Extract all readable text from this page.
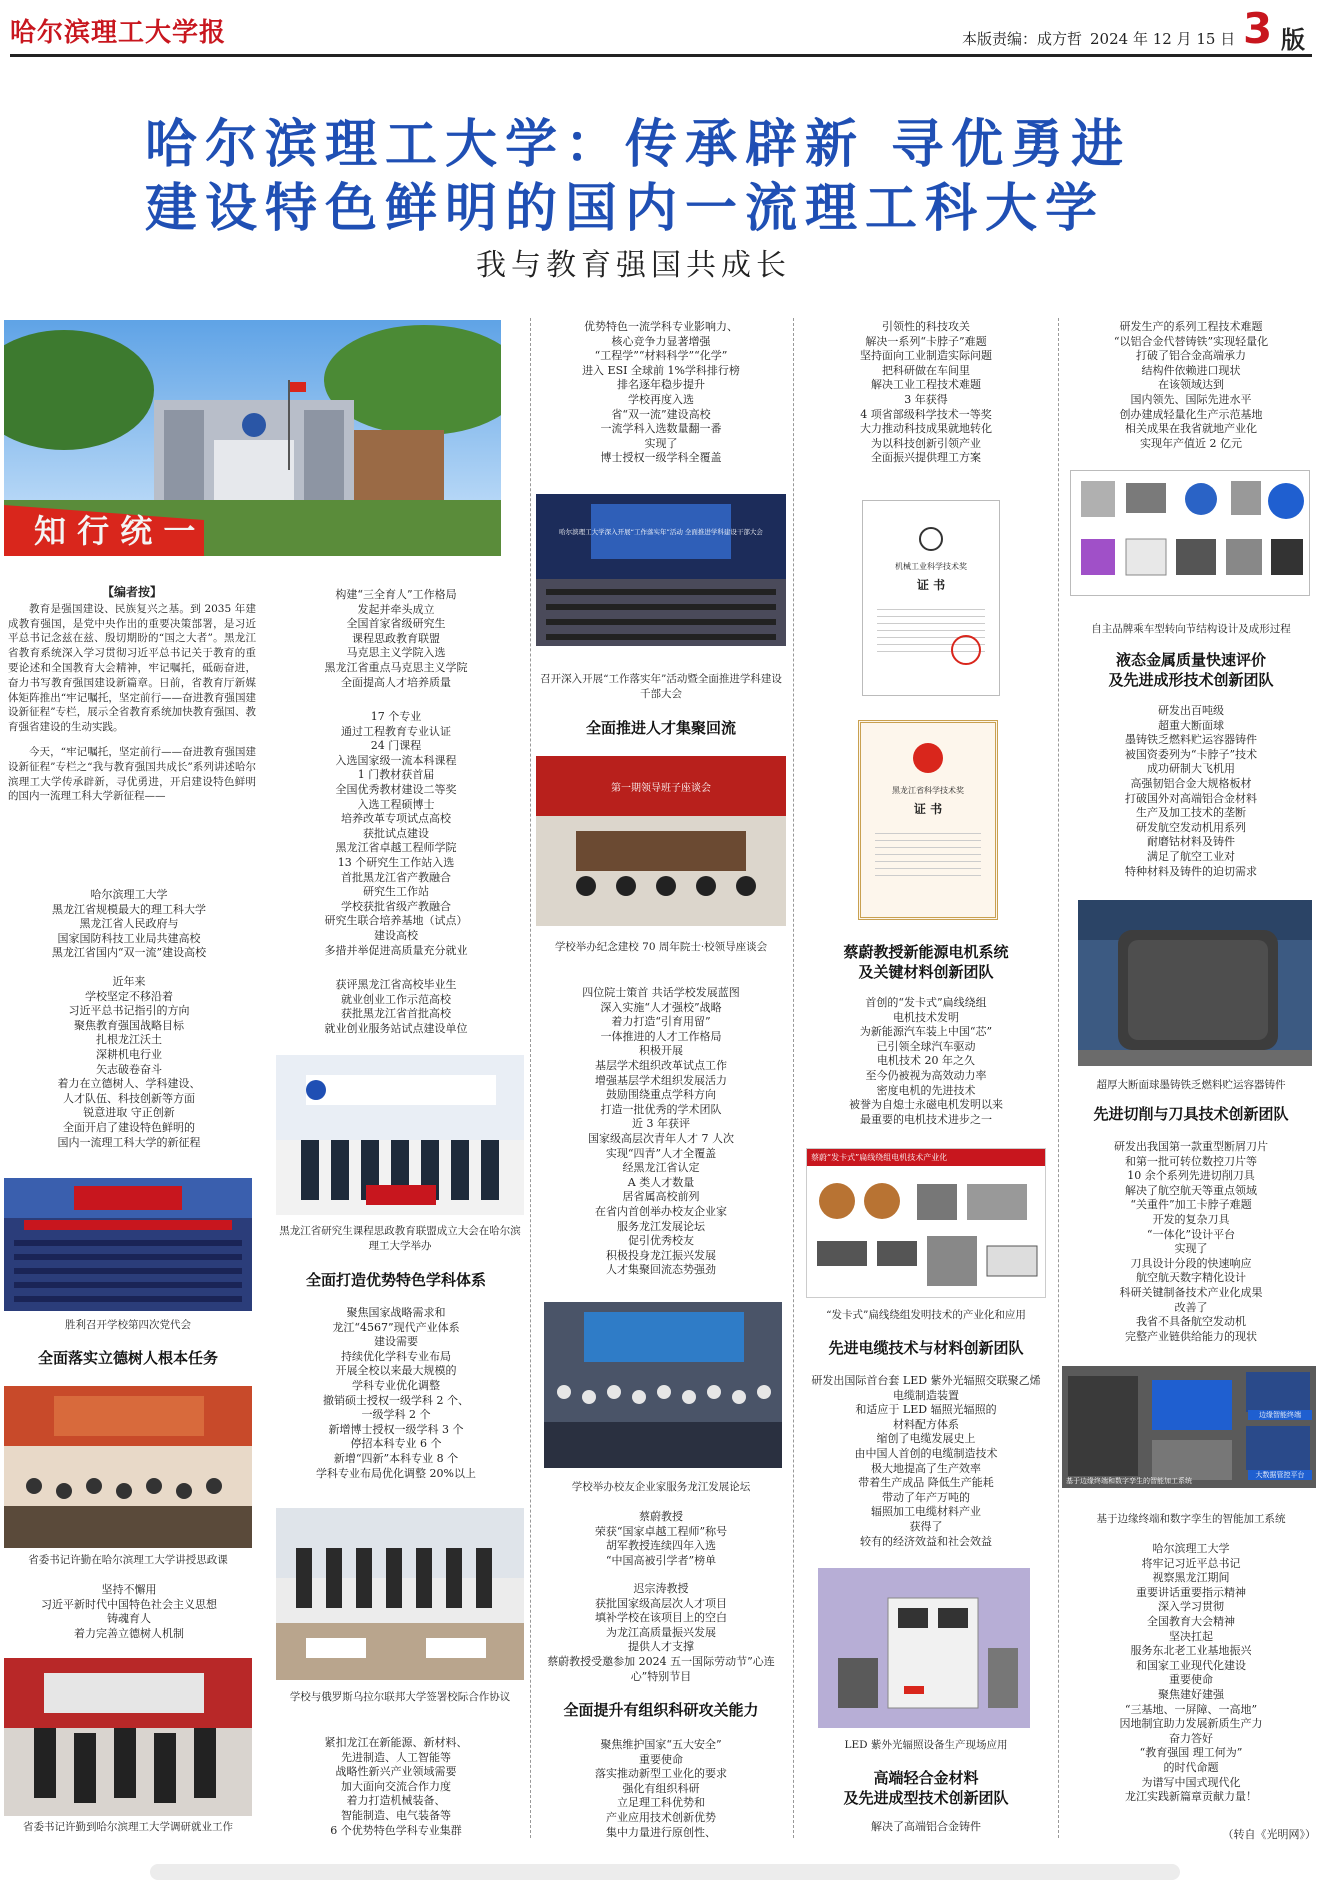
哈尔滨理工大学报	本版责编：成方哲 2024 年 12 月 15 日 3 版
哈尔滨理工大学：传承辟新 寻优勇进
建设特色鲜明的国内一流理工科大学
我与教育强国共成长
知 行 统 一
【编者按】
教育是强国建设、民族复兴之基。到 2035 年建成教育强国，是党中央作出的重要决策部署，是习近平总书记念兹在兹、殷切期盼的“国之大者”。黑龙江省教育系统深入学习贯彻习近平总书记关于教育的重要论述和全国教育大会精神，牢记嘱托，砥砺奋进，奋力书写教育强国建设新篇章。日前，省教育厅新媒体矩阵推出“牢记嘱托，坚定前行——奋进教育强国建设新征程”专栏，展示全省教育系统加快教育强国、教育强省建设的生动实践。
今天，“牢记嘱托，坚定前行——奋进教育强国建设新征程”专栏之“我与教育强国共成长”系列讲述哈尔滨理工大学传承辟新，寻优勇进，开启建设特色鲜明的国内一流理工科大学新征程——
哈尔滨理工大学
黑龙江省规模最大的理工科大学
黑龙江省人民政府与
国家国防科技工业局共建高校
黑龙江省国内“双一流”建设高校
近年来
学校坚定不移沿着
习近平总书记指引的方向
聚焦教育强国战略目标
扎根龙江沃土
深耕机电行业
矢志破卷奋斗
着力在立德树人、学科建设、
人才队伍、科技创新等方面
锐意进取 守正创新
全面开启了建设特色鲜明的
国内一流理工科大学的新征程
胜利召开学校第四次党代会
全面落实立德树人根本任务
省委书记许勤在哈尔滨理工大学讲授思政课
坚持不懈用
习近平新时代中国特色社会主义思想
铸魂育人
着力完善立德树人机制
省委书记许勤到哈尔滨理工大学调研就业工作
构建“三全育人”工作格局
发起并牵头成立
全国首家省级研究生
课程思政教育联盟
马克思主义学院入选
黑龙江省重点马克思主义学院
全面提高人才培养质量
17 个专业
通过工程教育专业认证
24 门课程
入选国家级一流本科课程
1 门教材获首届
全国优秀教材建设二等奖
入选工程硕博士
培养改革专项试点高校
获批试点建设
黑龙江省卓越工程师学院
13 个研究生工作站入选
首批黑龙江省产教融合
研究生工作站
学校获批省级产教融合
研究生联合培养基地（试点）
建设高校
多措并举促进高质量充分就业
获评黑龙江省高校毕业生
就业创业工作示范高校
获批黑龙江省首批高校
就业创业服务站试点建设单位
黑龙江省研究生课程思政教育联盟成立大会在哈尔滨理工大学举办
全面打造优势特色学科体系
聚焦国家战略需求和
龙江“4567”现代产业体系
建设需要
持续优化学科专业布局
开展全校以来最大规模的
学科专业优化调整
撤销硕士授权一级学科 2 个、
一级学科 2 个
新增博士授权一级学科 3 个
停招本科专业 6 个
新增“四新”本科专业 8 个
学科专业布局优化调整 20%以上
学校与俄罗斯乌拉尔联邦大学签署校际合作协议
紧扣龙江在新能源、新材料、
先进制造、人工智能等
战略性新兴产业领域需要
加大面向交流合作力度
着力打造机械装备、
智能制造、电气装备等
6 个优势特色学科专业集群
优势特色一流学科专业影响力、
核心竞争力显著增强
“工程学”“材料科学”“化学”
进入 ESI 全球前 1%学科排行榜
排名逐年稳步提升
学校再度入选
省“双一流”建设高校
一流学科入选数量翻一番
实现了
博士授权一级学科全覆盖
哈尔滨理工大学深入开展“工作落实年”活动 全面推进学科建设干部大会
召开深入开展“工作落实年”活动暨全面推进学科建设千部大会
全面推进人才集聚回流
第一期领导班子座谈会
学校举办纪念建校 70 周年院士·校领导座谈会
四位院士策首 共话学校发展蓝图
深入实施“人才强校”战略
着力打造“引育用留”
一体推进的人才工作格局
积极开展
基层学术组织改革试点工作
增强基层学术组织发展活力
鼓励围绕重点学科方向
打造一批优秀的学术团队
近 3 年获评
国家级高层次青年人才 7 人次
实现“四青”人才全覆盖
经黑龙江省认定
A 类人才数量
居省属高校前列
在省内首创举办校友企业家
服务龙江发展论坛
促引优秀校友
积极投身龙江振兴发展
人才集聚回流态势强劲
学校举办校友企业家服务龙江发展论坛
蔡蔚教授
荣获“国家卓越工程师”称号
胡军教授连续四年入选
“中国高被引学者”榜单
迟宗涛教授
获批国家级高层次人才项目
填补学校在该项目上的空白
为龙江高质量振兴发展
提供人才支撑
蔡蔚教授受邀参加 2024 五一国际劳动节”心连心”特别节目
全面提升有组织科研攻关能力
聚焦维护国家“五大安全”
重要使命
落实推动新型工业化的要求
强化有组织科研
立足理工科优势和
产业应用技术创新优势
集中力量进行原创性、
引领性的科技攻关
解决一系列“卡脖子”难题
坚持面向工业制造实际问题
把科研做在车间里
解决工业工程技术难题
3 年获得
4 项省部级科学技术一等奖
大力推动科技成果就地转化
为以科技创新引领产业
全面振兴提供理工方案
机械工业科学技术奖
证 书
黑龙江省科学技术奖
证 书
蔡蔚教授新能源电机系统
及关键材料创新团队
首创的“发卡式”扁线绕组
电机技术发明
为新能源汽车装上中国“芯”
已引领全球汽车驱动
电机技术 20 年之久
至今仍被视为高效动力率
密度电机的先进技术
被誉为自熄士永磁电机发明以来
最重要的电机技术进步之一
蔡蔚“发卡式”扁线绕组电机技术产业化
“发卡式”扁线绕组发明技术的产业化和应用
先进电缆技术与材料创新团队
研发出国际首台套 LED 紫外光辐照交联聚乙烯
电缆制造装置
和适应于 LED 辐照光辐照的
材料配方体系
缩创了电缆发展史上
由中国人首创的电缆制造技术
极大地提高了生产效率
带着生产成品 降低生产能耗
带动了年产万吨的
辐照加工电缆材料产业
获得了
较有的经济效益和社会效益
LED 紫外光辐照设备生产现场应用
高端轻合金材料
及先进成型技术创新团队
解决了高端铝合金铸件
研发生产的系列工程技术难题
“以铝合金代替铸铁”实现轻量化
打破了铝合金高端承力
结构件依赖进口现状
在该领域达到
国内领先、国际先进水平
创办建成轻量化生产示范基地
相关成果在我省就地产业化
实现年产值近 2 亿元
自主品牌乘车型转向节结构设计及成形过程
液态金属质量快速评价
及先进成形技术创新团队
研发出百吨级
超重大断面球
墨铸铁乏燃料贮运容器铸件
被国资委列为“卡脖子”技术
成功研制大飞机用
高强韧铝合金大规格板材
打破国外对高端铝合金材料
生产及加工技术的垄断
研发航空发动机用系列
耐磨钴材料及铸件
满足了航空工业对
特种材料及铸件的迫切需求
超厚大断面球墨铸铁乏燃料贮运容器铸件
先进切削与刀具技术创新团队
研发出我国第一款重型断屑刀片
和第一批可转位数控刀片等
10 余个系列先进切削刀具
解决了航空航天等重点领域
“关重件”加工卡脖子难题
开发的复杂刀具
“一体化”设计平台
实现了
刀具设计分段的快速响应
航空航天数字精化设计
科研关键制备技术产业化成果
改善了
我省不具备航空发动机
完整产业链供给能力的现状
边缘智能终端
大数据管控平台
基于边缘终端和数字孪生的智能加工系统
基于边缘终端和数字孪生的智能加工系统
哈尔滨理工大学
将牢记习近平总书记
视察黑龙江期间
重要讲话重要指示精神
深入学习贯彻
全国教育大会精神
坚决扛起
服务东北老工业基地振兴
和国家工业现代化建设
重要使命
聚焦建好建强
“三基地、一屏障、一高地”
因地制宜助力发展新质生产力
奋力答好
“教育强国 理工何为”
的时代命题
为谱写中国式现代化
龙江实践新篇章贡献力量！
（转自《光明网》）
